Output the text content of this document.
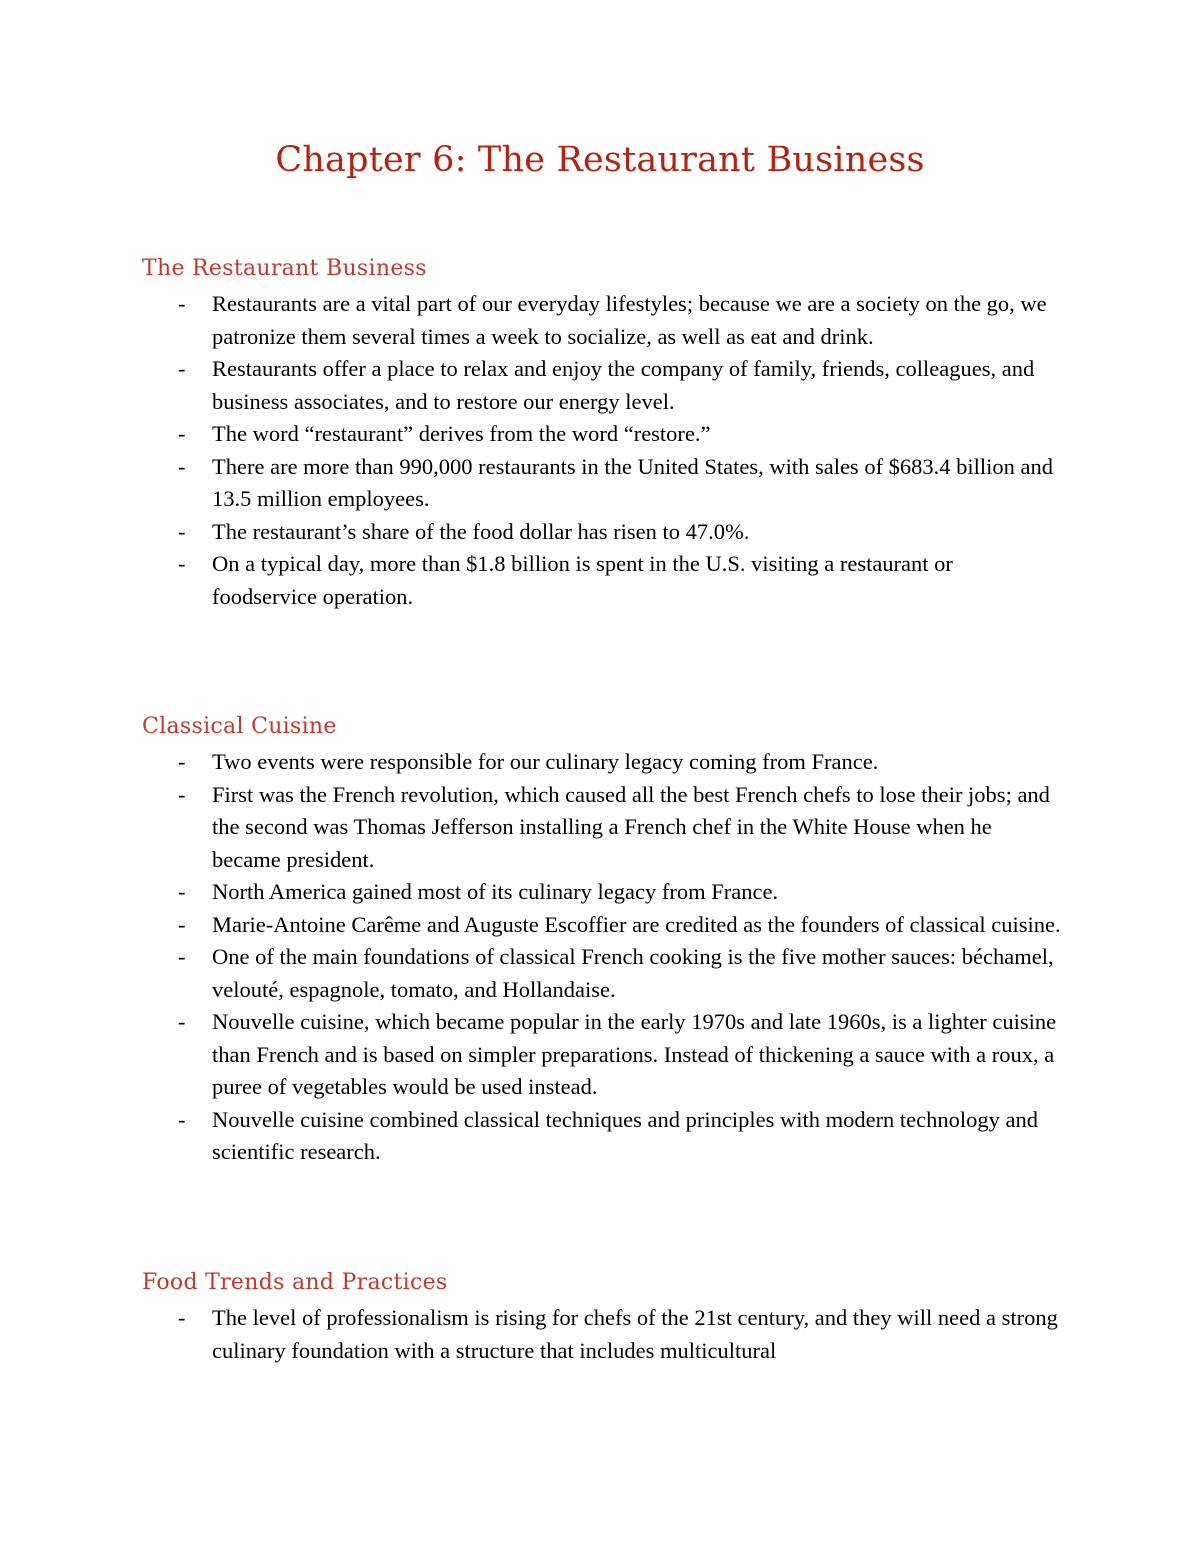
Chapter 6: The Restaurant Business
The Restaurant Business
- Restaurants are a vital part of our everyday lifestyles; because we are a society on the go, we patronize them several times a week to socialize, as well as eat and drink.
- Restaurants offer a place to relax and enjoy the company of family, friends, colleagues, and business associates, and to restore our energy level.
- The word “restaurant” derives from the word “restore.”
- There are more than 990,000 restaurants in the United States, with sales of $683.4 billion and 13.5 million employees.
- The restaurant’s share of the food dollar has risen to 47.0%.
- On a typical day, more than $1.8 billion is spent in the U.S. visiting a restaurant or foodservice operation.
Classical Cuisine
- Two events were responsible for our culinary legacy coming from France.
- First was the French revolution, which caused all the best French chefs to lose their jobs; and the second was Thomas Jefferson installing a French chef in the White House when he became president.
- North America gained most of its culinary legacy from France.
- Marie-Antoine Carême and Auguste Escoffier are credited as the founders of classical cuisine.
- One of the main foundations of classical French cooking is the five mother sauces: béchamel, velouté, espagnole, tomato, and Hollandaise.
- Nouvelle cuisine, which became popular in the early 1970s and late 1960s, is a lighter cuisine than French and is based on simpler preparations. Instead of thickening a sauce with a roux, a puree of vegetables would be used instead.
- Nouvelle cuisine combined classical techniques and principles with modern technology and scientific research.
Food Trends and Practices
- The level of professionalism is rising for chefs of the 21st century, and they will need a strong culinary foundation with a structure that includes multicultural
